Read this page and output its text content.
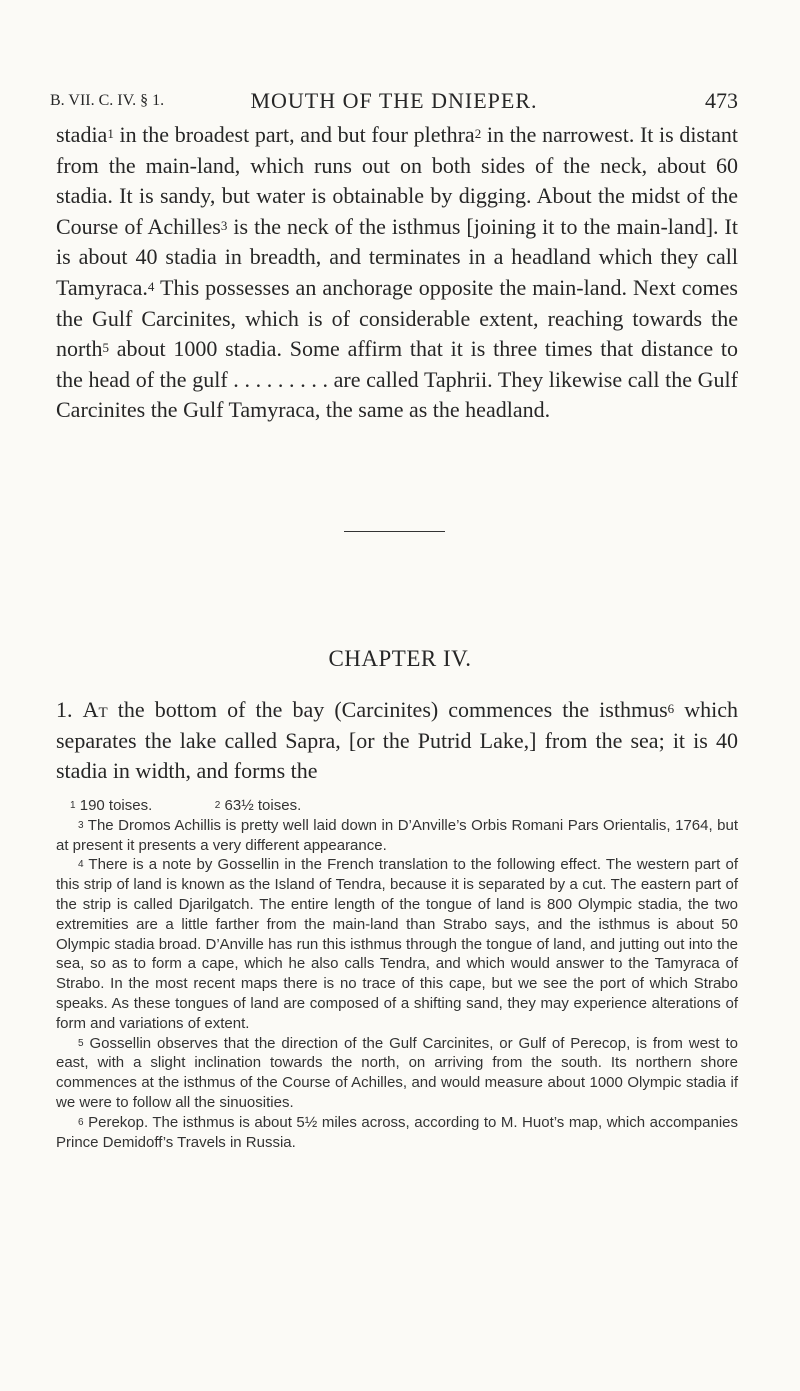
B. VII. C. IV. § 1.	MOUTH OF THE DNIEPER.	473

stadia$^1$ in the broadest part, and but four plethra$^2$ in the narrowest. It is distant from the main-land, which runs out on both sides of the neck, about 60 stadia. It is sandy, but water is obtainable by digging. About the midst of the Course of Achilles$^3$ is the neck of the isthmus [joining it to the main-land]. It is about 40 stadia in breadth, and terminates in a headland which they call Tamyraca.$^4$ This possesses an anchorage opposite the main-land. Next comes the Gulf Carcinites, which is of considerable extent, reaching towards the north$^5$ about 1000 stadia. Some affirm that it is three times that distance to the head of the gulf . . . . . . . . . are called Taphrii. They likewise call the Gulf Carcinites the Gulf Tamyraca, the same as the headland.

CHAPTER IV.

1. At the bottom of the bay (Carcinites) commences the isthmus$^6$ which separates the lake called Sapra, [or the Putrid Lake,] from the sea; it is 40 stadia in width, and forms the

$^1$ 190 toises.	$^2$ 63½ toises.

$^3$ The Dromos Achillis is pretty well laid down in D’Anville’s Orbis Romani Pars Orientalis, 1764, but at present it presents a very different appearance.

$^4$ There is a note by Gossellin in the French translation to the following effect. The western part of this strip of land is known as the Island of Tendra, because it is separated by a cut. The eastern part of the strip is called Djarilgatch. The entire length of the tongue of land is 800 Olympic stadia, the two extremities are a little farther from the main-land than Strabo says, and the isthmus is about 50 Olympic stadia broad. D’Anville has run this isthmus through the tongue of land, and jutting out into the sea, so as to form a cape, which he also calls Tendra, and which would answer to the Tamyraca of Strabo. In the most recent maps there is no trace of this cape, but we see the port of which Strabo speaks. As these tongues of land are composed of a shifting sand, they may experience alterations of form and variations of extent.

$^5$ Gossellin observes that the direction of the Gulf Carcinites, or Gulf of Perecop, is from west to east, with a slight inclination towards the north, on arriving from the south. Its northern shore commences at the isthmus of the Course of Achilles, and would measure about 1000 Olympic stadia if we were to follow all the sinuosities.

$^6$ Perekop. The isthmus is about 5½ miles across, according to M. Huot’s map, which accompanies Prince Demidoff’s Travels in Russia.
